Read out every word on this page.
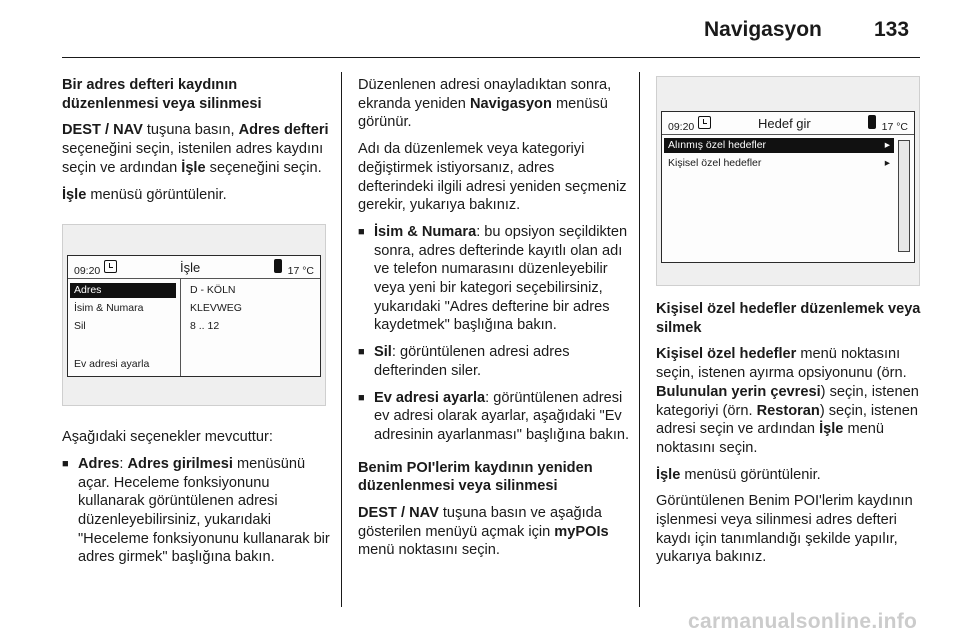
Navigasyon 133

Bir adres defteri kaydının düzenlenmesi veya silinmesi

DEST / NAV tuşuna basın, Adres defteri seçeneğini seçin, istenilen adres kaydını seçin ve ardından İşle seçeneğini seçin.

İşle menüsü görüntülenir.

09:20	İşle	17 °C
Adres
İsim & Numara
Sil
Ev adresi ayarla
D - KÖLN
KLEVWEG
8 .. 12

Aşağıdaki seçenekler mevcuttur:

■ Adres: Adres girilmesi menüsünü açar. Heceleme fonksiyonunu kullanarak görüntülenen adresi düzenleyebilirsiniz, yukarıdaki "Heceleme fonksiyonunu kullanarak bir adres girmek" başlığına bakın.

Düzenlenen adresi onayladıktan sonra, ekranda yeniden Navigasyon menüsü görünür.

Adı da düzenlemek veya kategoriyi değiştirmek istiyorsanız, adres defterindeki ilgili adresi yeniden seçmeniz gerekir, yukarıya bakınız.

■ İsim & Numara: bu opsiyon seçildikten sonra, adres defterinde kayıtlı olan adı ve telefon numarasını düzenleyebilir veya yeni bir kategori seçebilirsiniz, yukarıdaki "Adres defterine bir adres kaydetmek" başlığına bakın.

■ Sil: görüntülenen adresi adres defterinden siler.

■ Ev adresi ayarla: görüntülenen adresi ev adresi olarak ayarlar, aşağıdaki "Ev adresinin ayarlanması" başlığına bakın.

Benim POI'lerim kaydının yeniden düzenlenmesi veya silinmesi

DEST / NAV tuşuna basın ve aşağıda gösterilen menüyü açmak için myPOIs menü noktasını seçin.

09:20	Hedef gir	17 °C
Alınmış özel hedefler	▸
Kişisel özel hedefler	▸

Kişisel özel hedefler düzenlemek veya silmek

Kişisel özel hedefler menü noktasını seçin, istenen ayırma opsiyonunu (örn. Bulunulan yerin çevresi) seçin, istenen kategoriyi (örn. Restoran) seçin, istenen adresi seçin ve ardından İşle menü noktasını seçin.

İşle menüsü görüntülenir.

Görüntülenen Benim POI'lerim kaydının işlenmesi veya silinmesi adres defteri kaydı için tanımlandığı şekilde yapılır, yukarıya bakınız.

carmanualsonline.info
